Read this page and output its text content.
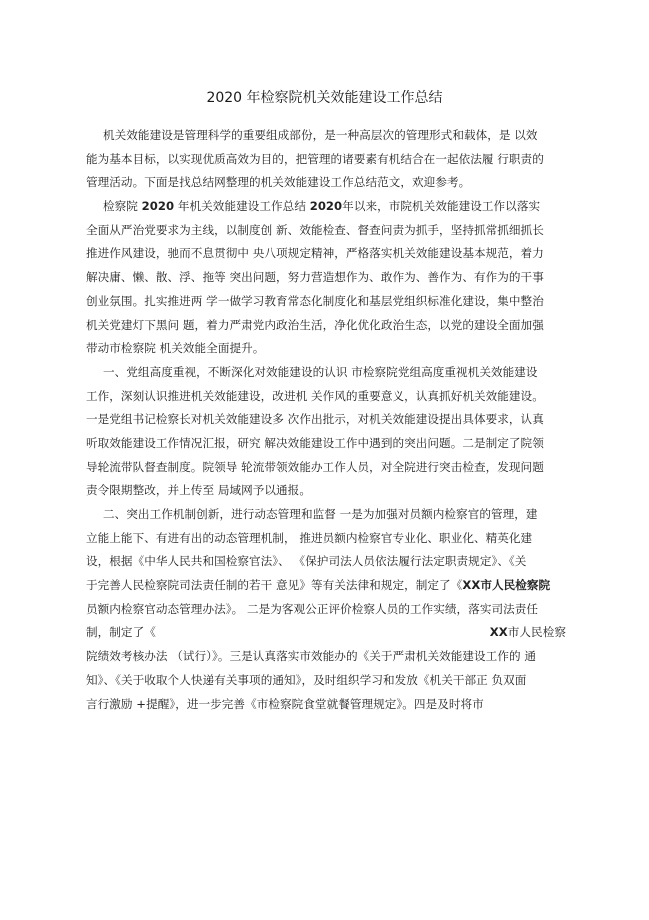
2020 年检察院机关效能建设工作总结
机关效能建设是管理科学的重要组成部份，是一种高层次的管理形式和载体，是 以效
能为基本目标，以实现优质高效为目的，把管理的诸要素有机结合在一起依法履 行职责的
管理活动。下面是找总结网整理的机关效能建设工作总结范文，欢迎参考。
检察院 2020 年机关效能建设工作总结 2020年以来，市院机关效能建设工作以落实
全面从严治党要求为主线，以制度创 新、效能检查、督查问责为抓手，坚持抓常抓细抓长
推进作风建设，驰而不息贯彻中 央八项规定精神，严格落实机关效能建设基本规范，着力
解决庸、懒、散、浮、拖等 突出问题，努力营造想作为、敢作为、善作为、有作为的干事
创业氛围。扎实推进两 学一做学习教育常态化制度化和基层党组织标准化建设，集中整治
机关党建灯下黑问 题，着力严肃党内政治生活，净化优化政治生态，以党的建设全面加强
带动市检察院 机关效能全面提升。
一、党组高度重视，不断深化对效能建设的认识 市检察院党组高度重视机关效能建设
工作，深刻认识推进机关效能建设，改进机 关作风的重要意义，认真抓好机关效能建设。
一是党组书记检察长对机关效能建设多 次作出批示，对机关效能建设提出具体要求，认真
听取效能建设工作情况汇报，研究 解决效能建设工作中遇到的突出问题。二是制定了院领
导轮流带队督查制度。院领导 轮流带领效能办工作人员，对全院进行突击检查，发现问题
责令限期整改，并上传至 局域网予以通报。
二、突出工作机制创新，进行动态管理和监督 一是为加强对员额内检察官的管理，建
立能上能下、有进有出的动态管理机制， 推进员额内检察官专业化、职业化、精英化建
设，根据《中华人民共和国检察官法》、 《保护司法人员依法履行法定职责规定》、《关
于完善人民检察院司法责任制的若干 意见》等有关法律和规定，制定了《XX市人民检察院
员额内检察官动态管理办法》。 二是为客观公正评价检察人员的工作实绩，落实司法责任
制，制定了《	XX市人民检察
院绩效考核办法 （试行）》。三是认真落实市效能办的《关于严肃机关效能建设工作的 通
知》、《关于收取个人快递有关事项的通知》，及时组织学习和发放《机关干部正 负双面
言行激励 +提醒》，进一步完善《市检察院食堂就餐管理规定》。四是及时将市
